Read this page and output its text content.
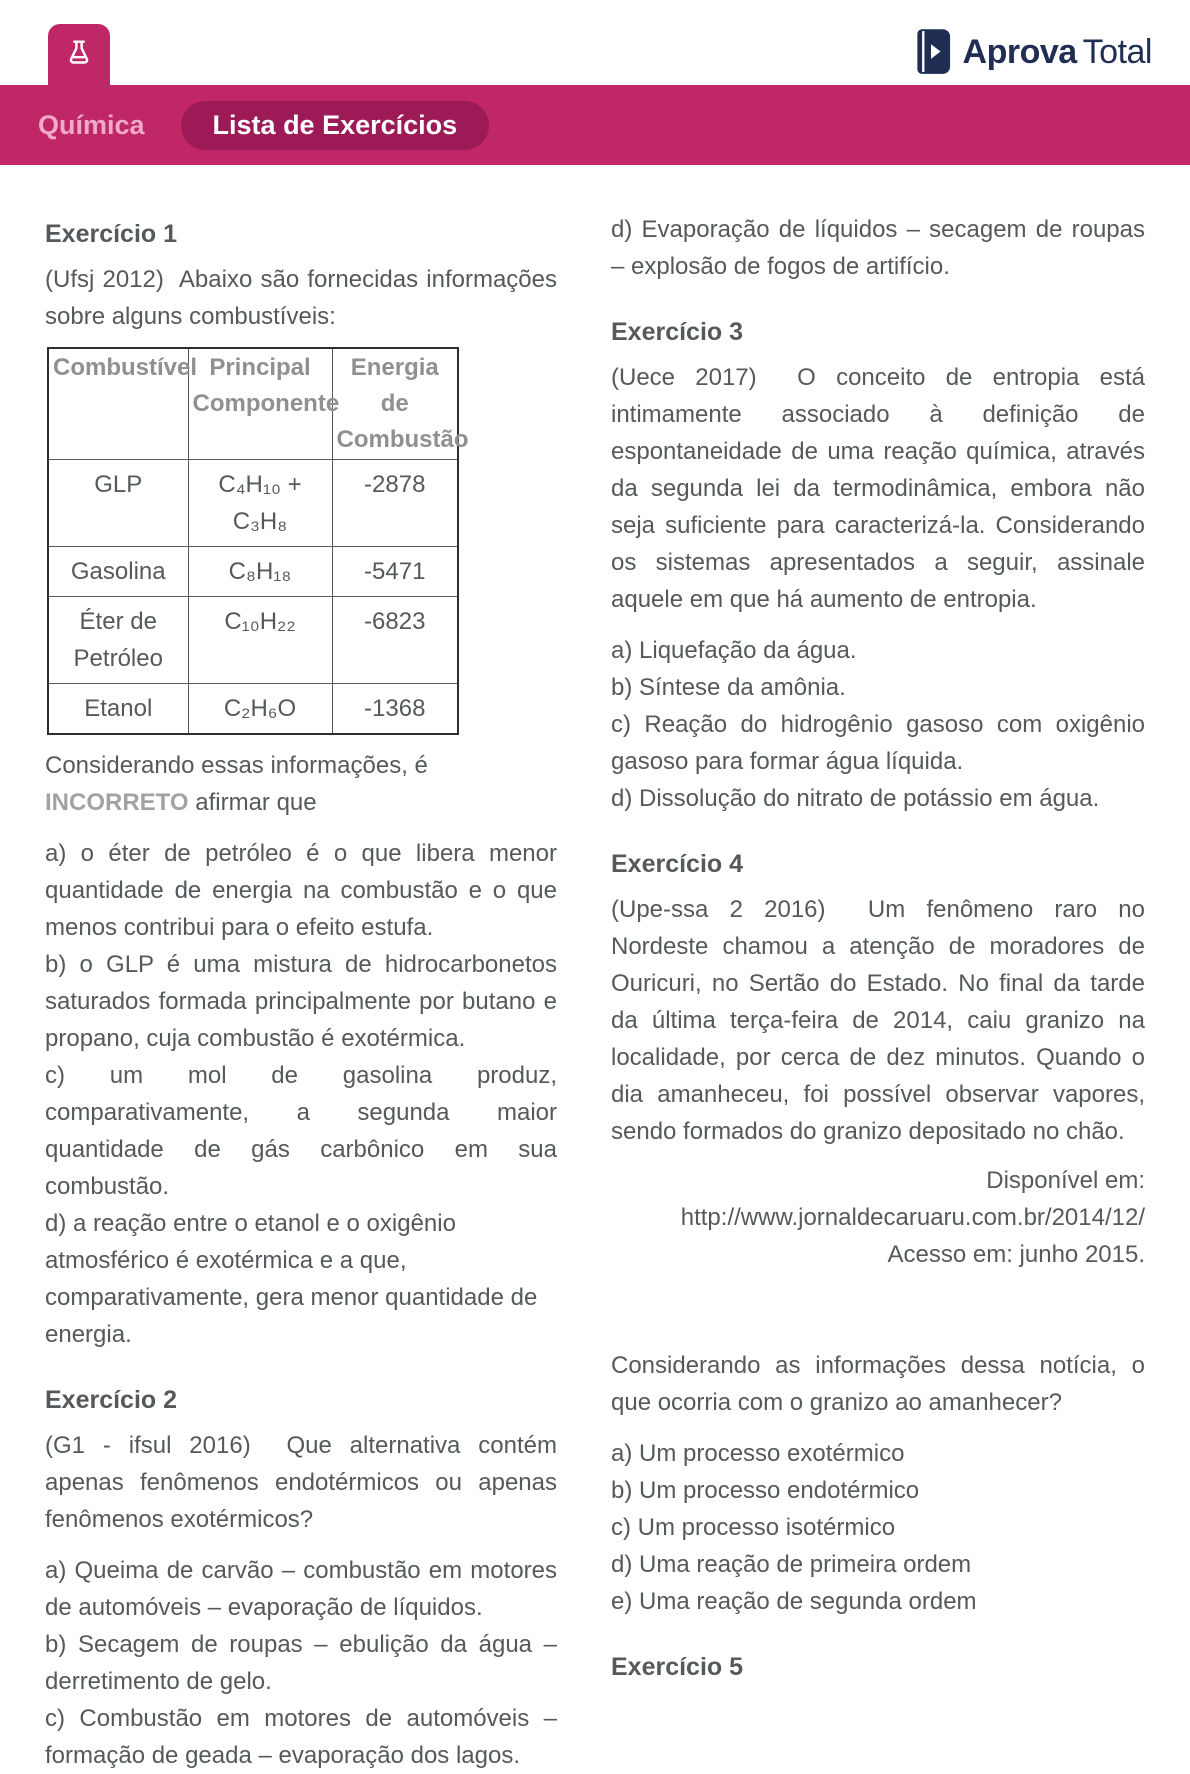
Aprova Total
Química	Lista de Exercícios
Exercício 1

(Ufsj 2012)  Abaixo são fornecidas informações sobre alguns combustíveis:

Combustível	Principal Componente	Energia de Combustão
GLP	C₄H₁₀ + C₃H₈	-2878
Gasolina	C₈H₁₈	-5471
Éter de Petróleo	C₁₀H₂₂	-6823
Etanol	C₂H₆O	-1368

Considerando essas informações, é INCORRETO afirmar que

a) o éter de petróleo é o que libera menor quantidade de energia na combustão e o que menos contribui para o efeito estufa.

b) o GLP é uma mistura de hidrocarbonetos saturados formada principalmente por butano e propano, cuja combustão é exotérmica.

c) um mol de gasolina produz, comparativamente, a segunda maior quantidade de gás carbônico em sua combustão.

d) a reação entre o etanol e o oxigênio atmosférico é exotérmica e a que, comparativamente, gera menor quantidade de energia.

Exercício 2

(G1 - ifsul 2016)  Que alternativa contém apenas fenômenos endotérmicos ou apenas fenômenos exotérmicos?

a) Queima de carvão – combustão em motores de automóveis – evaporação de líquidos.

b) Secagem de roupas – ebulição da água – derretimento de gelo.

c) Combustão em motores de automóveis – formação de geada – evaporação dos lagos.

d) Evaporação de líquidos – secagem de roupas – explosão de fogos de artifício.

Exercício 3

(Uece 2017)  O conceito de entropia está intimamente associado à definição de espontaneidade de uma reação química, através da segunda lei da termodinâmica, embora não seja suficiente para caracterizá-la. Considerando os sistemas apresentados a seguir, assinale aquele em que há aumento de entropia.

a) Liquefação da água.

b) Síntese da amônia.

c) Reação do hidrogênio gasoso com oxigênio gasoso para formar água líquida.

d) Dissolução do nitrato de potássio em água.

Exercício 4

(Upe-ssa 2 2016)  Um fenômeno raro no Nordeste chamou a atenção de moradores de Ouricuri, no Sertão do Estado. No final da tarde da última terça-feira de 2014, caiu granizo na localidade, por cerca de dez minutos. Quando o dia amanheceu, foi possível observar vapores, sendo formados do granizo depositado no chão.

Disponível em:
http://www.jornaldecaruaru.com.br/2014/12/
Acesso em: junho 2015.

Considerando as informações dessa notícia, o que ocorria com o granizo ao amanhecer?

a) Um processo exotérmico

b) Um processo endotérmico

c) Um processo isotérmico

d) Uma reação de primeira ordem

e) Uma reação de segunda ordem

Exercício 5
